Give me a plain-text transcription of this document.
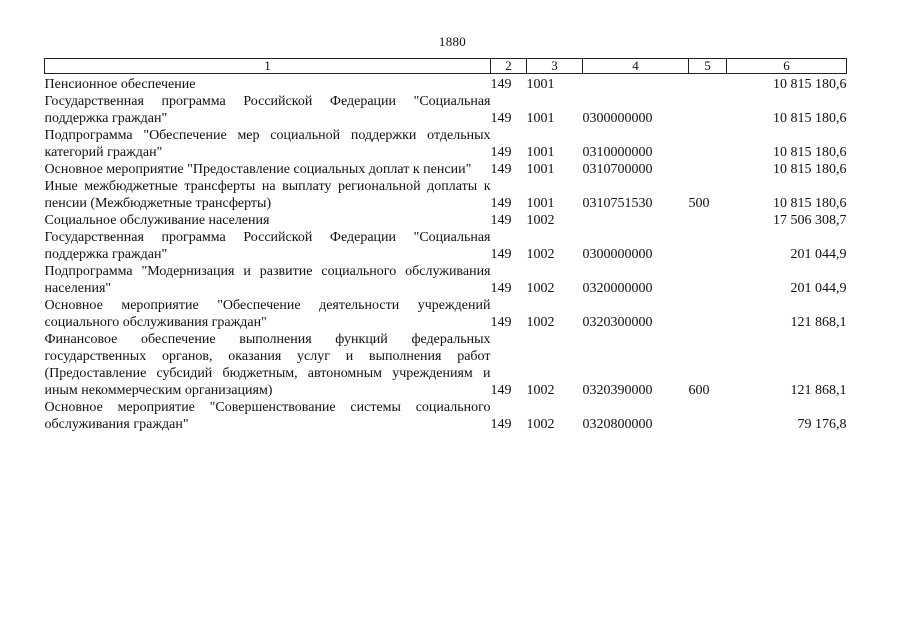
1880
1	2	3	4	5	6
Пенсионное обеспечение	149	1001			10 815 180,6
Государственная программа Российской Федерации "Социальная поддержка граждан"	149	1001	0300000000		10 815 180,6
Подпрограмма "Обеспечение мер социальной поддержки отдельных категорий граждан"	149	1001	0310000000		10 815 180,6
Основное мероприятие "Предоставление социальных доплат к пенсии"	149	1001	0310700000		10 815 180,6
Иные межбюджетные трансферты на выплату региональной доплаты к пенсии (Межбюджетные трансферты)	149	1001	0310751530	500	10 815 180,6
Социальное обслуживание населения	149	1002			17 506 308,7
Государственная программа Российской Федерации "Социальная поддержка граждан"	149	1002	0300000000		201 044,9
Подпрограмма "Модернизация и развитие социального обслуживания населения"	149	1002	0320000000		201 044,9
Основное мероприятие "Обеспечение деятельности учреждений социального обслуживания граждан"	149	1002	0320300000		121 868,1
Финансовое обеспечение выполнения функций федеральных государственных органов, оказания услуг и выполнения работ (Предоставление субсидий бюджетным, автономным учреждениям и иным некоммерческим организациям)	149	1002	0320390000	600	121 868,1
Основное мероприятие "Совершенствование системы социального обслуживания граждан"	149	1002	0320800000		79 176,8
